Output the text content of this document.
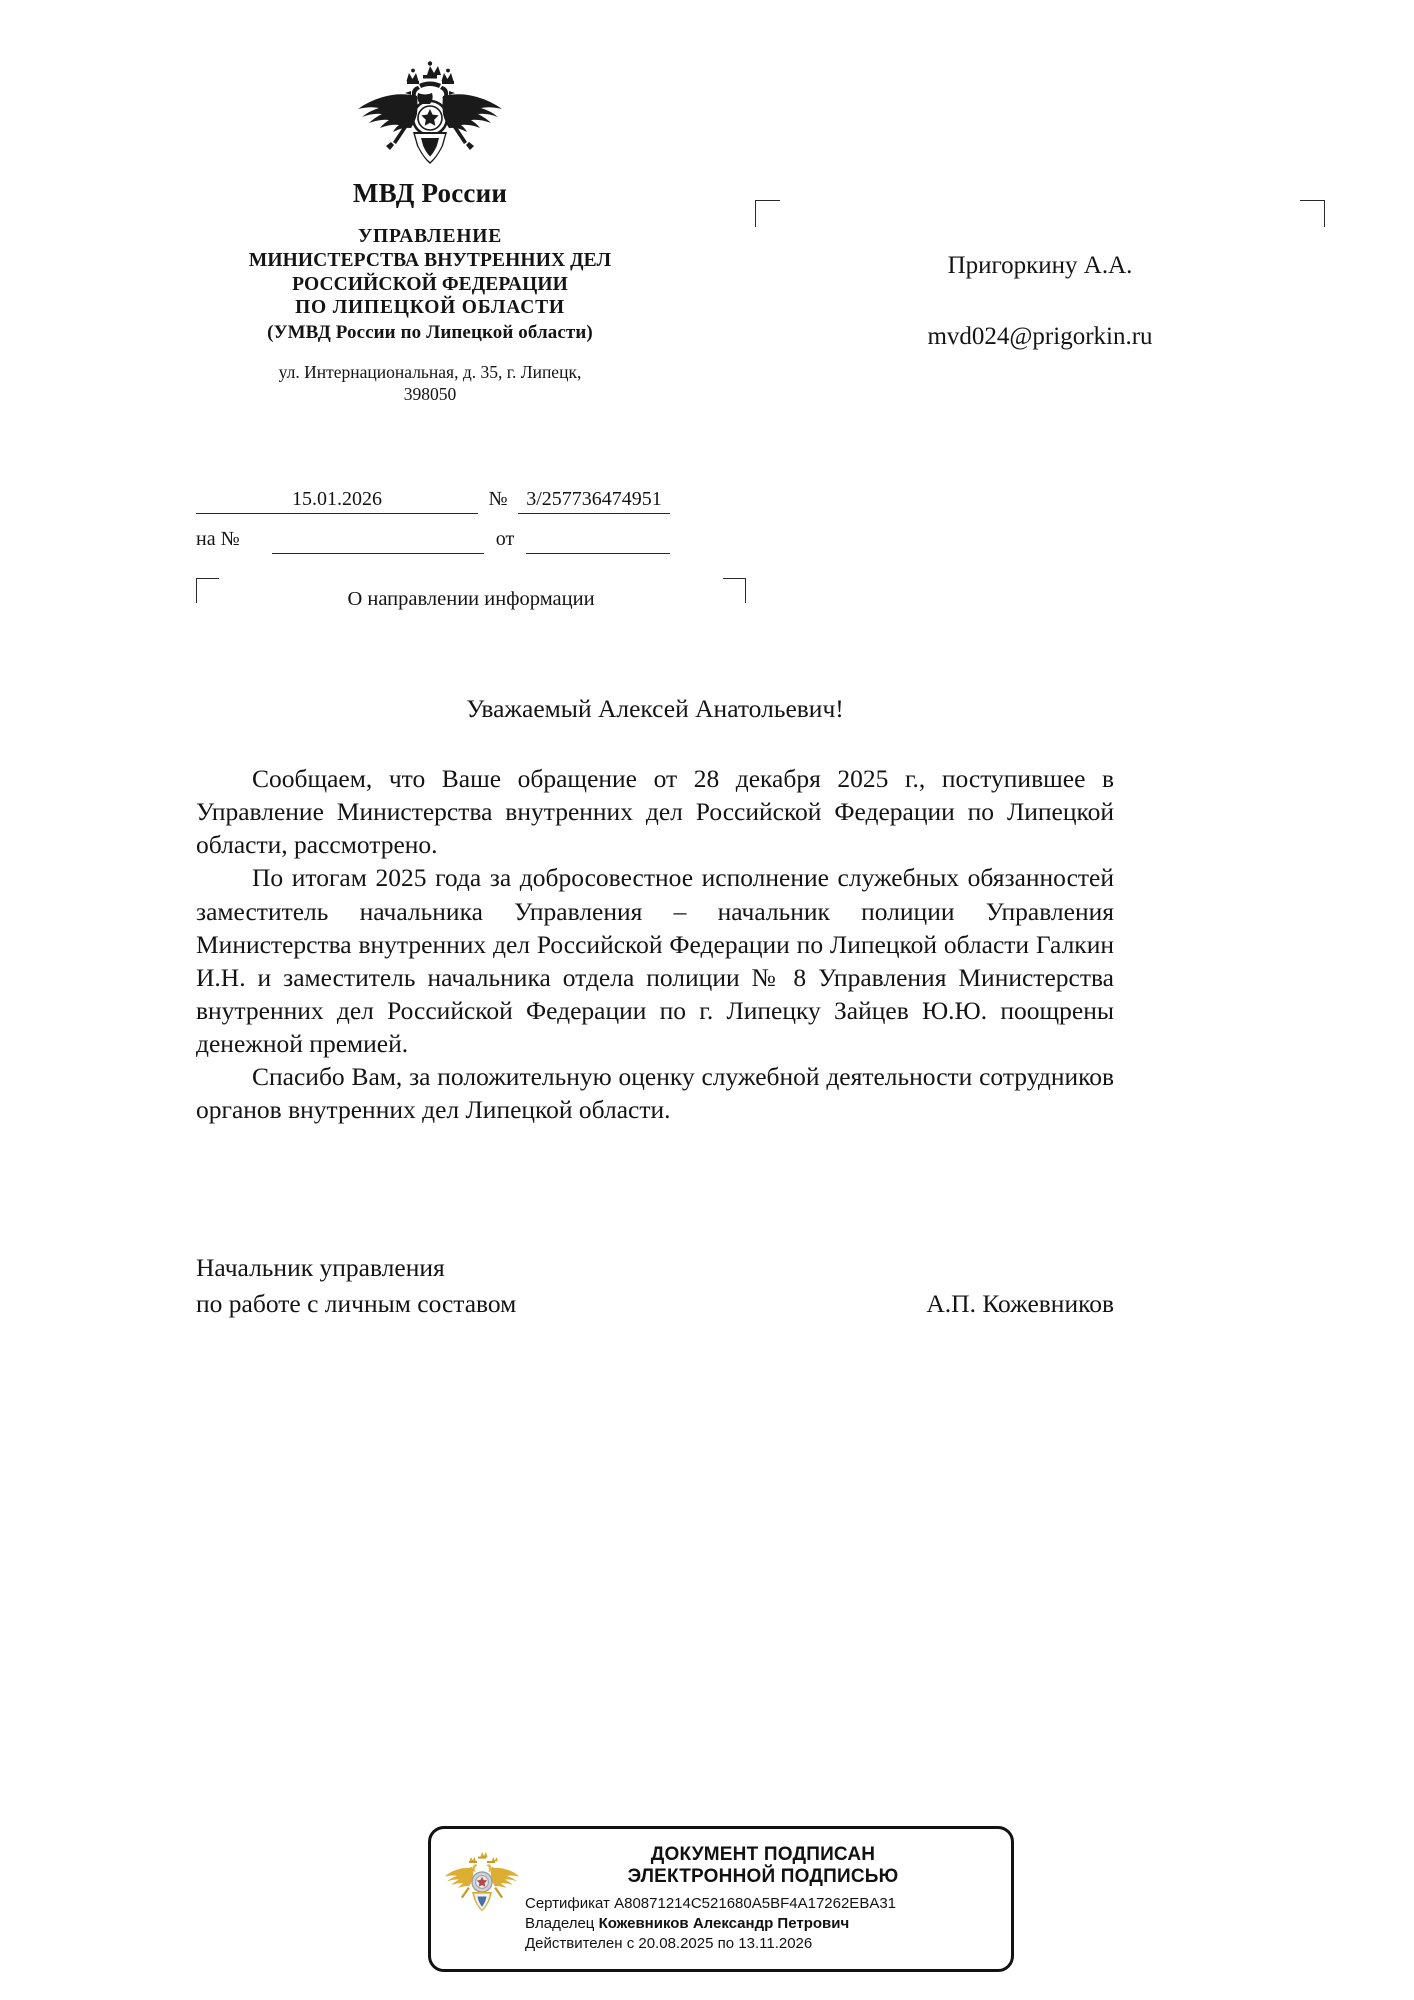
МВД России
УПРАВЛЕНИЕ
МИНИСТЕРСТВА ВНУТРЕННИХ ДЕЛ
РОССИЙСКОЙ ФЕДЕРАЦИИ
ПО ЛИПЕЦКОЙ ОБЛАСТИ
(УМВД России по Липецкой области)
ул. Интернациональная, д. 35, г. Липецк,
398050
15.01.2026	№ 3/257736474951
на №	от
О направлении информации
Пригоркину А.А.
mvd024@prigorkin.ru
Уважаемый Алексей Анатольевич!

Сообщаем, что Ваше обращение от 28 декабря 2025 г., поступившее в Управление Министерства внутренних дел Российской Федерации по Липецкой области, рассмотрено.

По итогам 2025 года за добросовестное исполнение служебных обязанностей заместитель начальника Управления – начальник полиции Управления Министерства внутренних дел Российской Федерации по Липецкой области Галкин И.Н. и заместитель начальника отдела полиции № 8 Управления Министерства внутренних дел Российской Федерации по г. Липецку Зайцев Ю.Ю. поощрены денежной премией.

Спасибо Вам, за положительную оценку служебной деятельности сотрудников органов внутренних дел Липецкой области.

Начальник управления
по работе с личным составом	А.П. Кожевников
ДОКУМЕНТ ПОДПИСАН
ЭЛЕКТРОННОЙ ПОДПИСЬЮ
Сертификат A80871214C521680A5BF4A17262EBA31
Владелец Кожевников Александр Петрович
Действителен с 20.08.2025 по 13.11.2026
